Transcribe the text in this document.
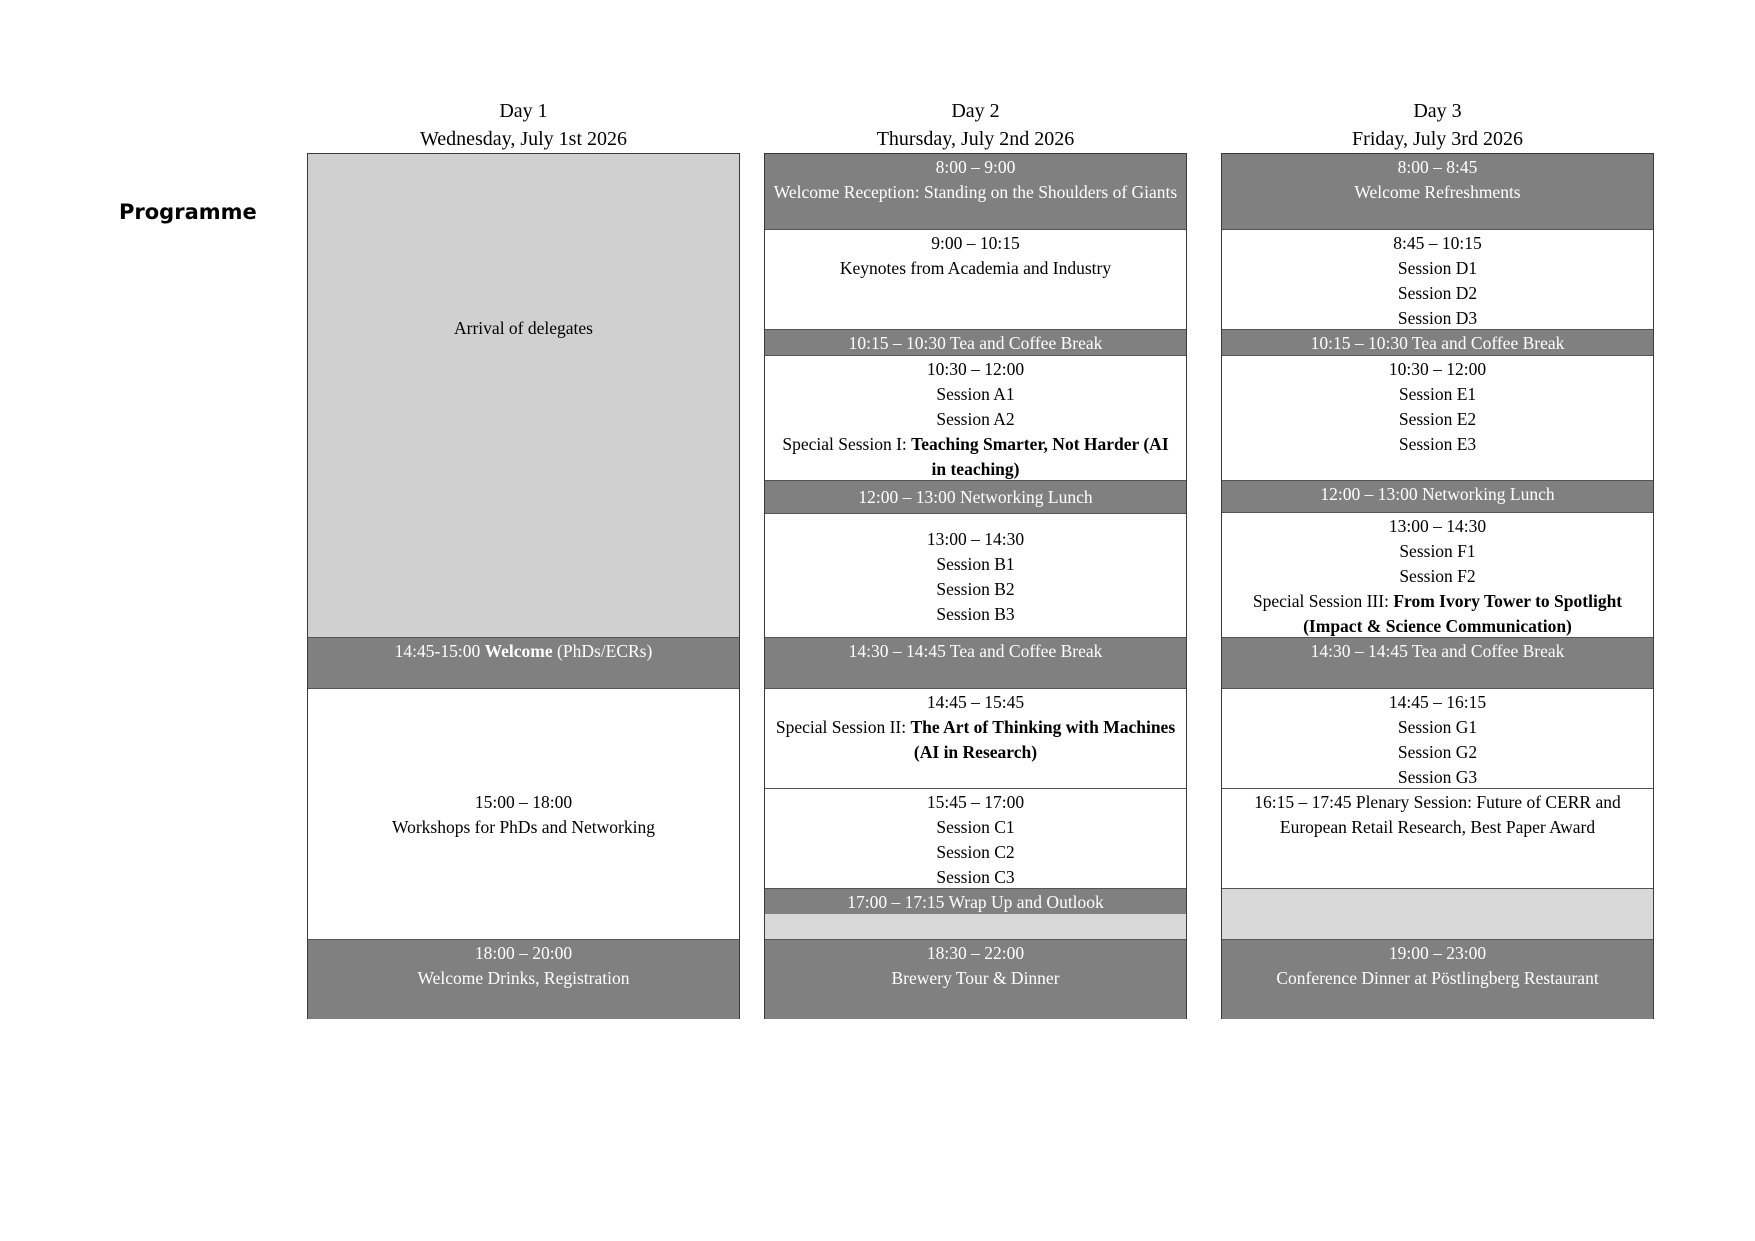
Programme
Day 1
Wednesday, July 1st 2026
Day 2
Thursday, July 2nd 2026
Day 3
Friday, July 3rd 2026
Arrival of delegates
14:45-15:00 Welcome (PhDs/ECRs)
15:00 – 18:00
Workshops for PhDs and Networking
18:00 – 20:00
Welcome Drinks, Registration
8:00 – 9:00
Welcome Reception: Standing on the Shoulders of Giants
9:00 – 10:15
Keynotes from Academia and Industry
10:15 – 10:30 Tea and Coffee Break
10:30 – 12:00
Session A1
Session A2
Special Session I: Teaching Smarter, Not Harder (AI in teaching)
12:00 – 13:00 Networking Lunch
13:00 – 14:30
Session B1
Session B2
Session B3
14:30 – 14:45 Tea and Coffee Break
14:45 – 15:45
Special Session II: The Art of Thinking with Machines (AI in Research)
15:45 – 17:00
Session C1
Session C2
Session C3
17:00 – 17:15 Wrap Up and Outlook
18:30 – 22:00
Brewery Tour & Dinner
8:00 – 8:45
Welcome Refreshments
8:45 – 10:15
Session D1
Session D2
Session D3
10:15 – 10:30 Tea and Coffee Break
10:30 – 12:00
Session E1
Session E2
Session E3
12:00 – 13:00 Networking Lunch
13:00 – 14:30
Session F1
Session F2
Special Session III: From Ivory Tower to Spotlight (Impact & Science Communication)
14:30 – 14:45 Tea and Coffee Break
14:45 – 16:15
Session G1
Session G2
Session G3
16:15 – 17:45 Plenary Session: Future of CERR and European Retail Research, Best Paper Award
19:00 – 23:00
Conference Dinner at Pöstlingberg Restaurant
